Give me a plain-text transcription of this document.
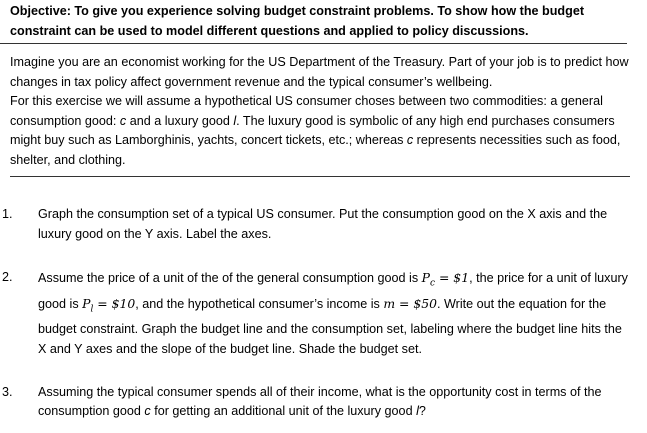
Objective: To give you experience solving budget constraint problems. To show how the budget constraint can be used to model different questions and applied to policy discussions.

Imagine you are an economist working for the US Department of the Treasury. Part of your job is to predict how changes in tax policy affect government revenue and the typical consumer’s wellbeing.

For this exercise we will assume a hypothetical US consumer choses between two commodities: a general consumption good: c and a luxury good l. The luxury good is symbolic of any high end purchases consumers might buy such as Lamborghinis, yachts, concert tickets, etc.; whereas c represents necessities such as food, shelter, and clothing.

1. Graph the consumption set of a typical US consumer. Put the consumption good on the X axis and the luxury good on the Y axis. Label the axes.
2. Assume the price of a unit of the of the general consumption good is $P_c$ = $1, the price for a unit of luxury good is $P_l$ = $10, and the hypothetical consumer’s income is m = $50. Write out the equation for the budget constraint. Graph the budget line and the consumption set, labeling where the budget line hits the X and Y axes and the slope of the budget line. Shade the budget set.
3. Assuming the typical consumer spends all of their income, what is the opportunity cost in terms of the consumption good c for getting an additional unit of the luxury good l?
